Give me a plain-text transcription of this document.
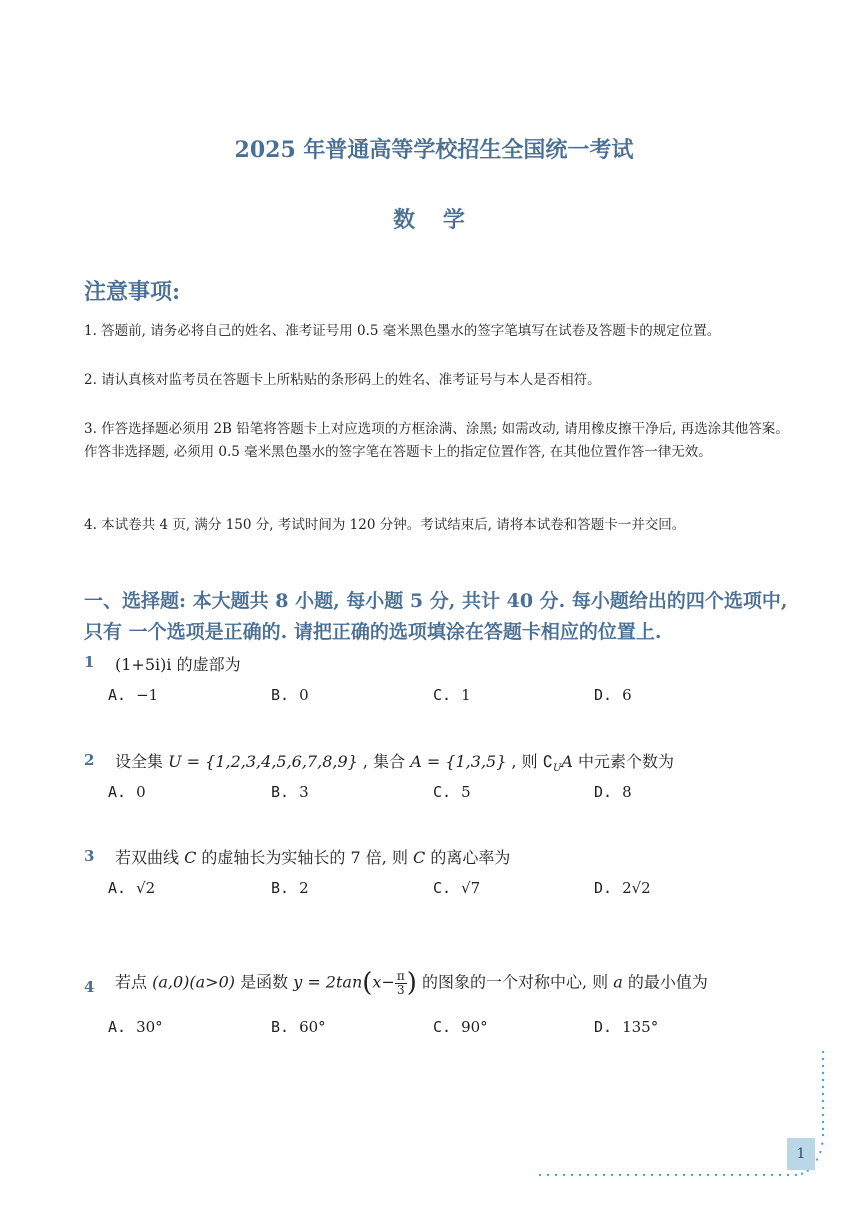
2025 年普通高等学校招生全国统一考试
数 学
注意事项:
1. 答题前, 请务必将自己的姓名、准考证号用 0.5 毫米黑色墨水的签字笔填写在试卷及答题卡的规定位置。
2. 请认真核对监考员在答题卡上所粘贴的条形码上的姓名、准考证号与本人是否相符。
3. 作答选择题必须用 2B 铅笔将答题卡上对应选项的方框涂满、涂黑; 如需改动, 请用橡皮擦干净后, 再选涂其他答案。作答非选择题, 必须用 0.5 毫米黑色墨水的签字笔在答题卡上的指定位置作答, 在其他位置作答一律无效。
4. 本试卷共 4 页, 满分 150 分, 考试时间为 120 分钟。考试结束后, 请将本试卷和答题卡一并交回。
一、选择题: 本大题共 8 小题, 每小题 5 分, 共计 40 分. 每小题给出的四个选项中,
只有 一个选项是正确的. 请把正确的选项填涂在答题卡相应的位置上.
1 (1+5i)i 的虚部为
A. −1	B. 0	C. 1	D. 6
2 设全集 U = {1,2,3,4,5,6,7,8,9} , 集合 A = {1,3,5} , 则 $∁_UA$ 中元素个数为
A. 0	B. 3	C. 5	D. 8
3 若双曲线 C 的虚轴长为实轴长的 7 倍, 则 C 的离心率为
A. √2	B. 2	C. √7	D. 2√2
4 若点 (a,0)(a>0) 是函数 $y = 2\tan(x- \frac{\pi}{3}$ ) 的图象的一个对称中心, 则 a 的最小值为
A. 30°	B. 60°	C. 90°	D. 135°
1
